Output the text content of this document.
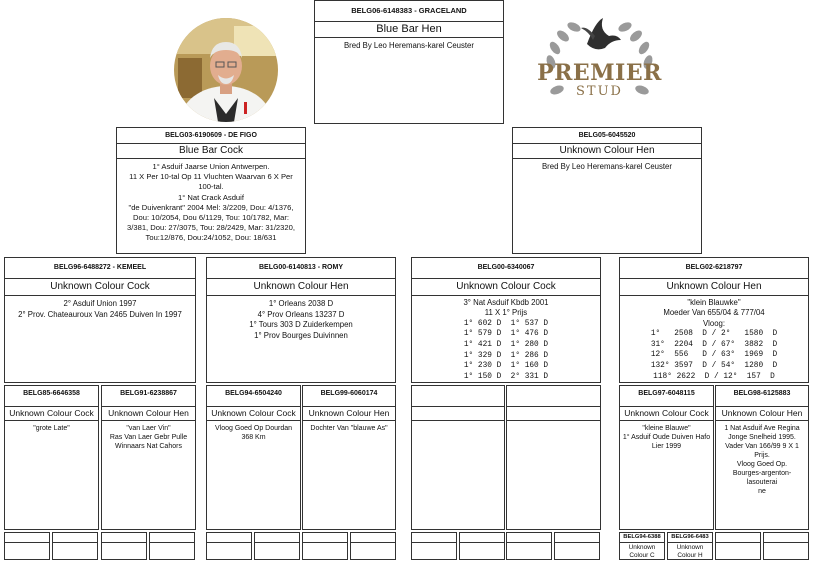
PREMIER
STUD
BELG06-6148383 - GRACELAND
Blue Bar Hen
Bred By Leo Heremans-karel Ceuster
BELG03-6190609 - DE FIGO
Blue Bar Cock
1° Asduif Jaarse Union Antwerpen.
11 X Per 10-tal Op 11 Vluchten Waarvan 6 X Per
100-tal.
1° Nat Crack Asduif
"de Duivenkrant" 2004 Mel: 3/2209, Dou: 4/1376,
Dou: 10/2054, Dou 6/1129, Tou: 10/1782, Mar:
3/381, Dou: 27/3075, Tou: 28/2429, Mar: 31/2320,
Tou:12/876, Dou:24/1052, Dou: 18/631
BELG05-6045520
Unknown Colour Hen
Bred By Leo Heremans-karel Ceuster
BELG96-6488272 - KEMEEL
Unknown Colour Cock
2° Asduif Union 1997
2° Prov. Chateauroux Van 2465 Duiven In 1997
BELG00-6140813 - ROMY
Unknown Colour Hen
1° Orleans 2038 D
4° Prov Orleans 13237 D
1° Tours 303 D Zuiderkempen
1° Prov Bourges Duivinnen
BELG00-6340067
Unknown Colour Cock
3° Nat Asduif Kbdb 2001
11 X 1° Prijs
1° 602 D  1° 537 D
1° 579 D  1° 476 D
1° 421 D  1° 280 D
1° 329 D  1° 286 D
1° 230 D  1° 160 D
1° 150 D  2° 331 D
BELG02-6218797
Unknown Colour Hen
"klein Blauwke"
Moeder Van 655/04 & 777/04
Vloog:
1°   2508  D / 2°   1580  D
31°  2204  D / 67°  3882  D
12°  556   D / 63°  1969  D
132° 3597  D / 54°  1280  D
118° 2622  D / 12°  157  D
BELG85-6646358
Unknown Colour Cock
"grote Late"
BELG91-6238867
Unknown Colour Hen
"van Laer Vin"
Ras Van Laer Gebr Pulle
Winnaars Nat Cahors
BELG94-6504240
Unknown Colour Cock
Vloog Goed Op Dourdan
368 Km
BELG99-6060174
Unknown Colour Hen
Dochter Van "blauwe As"
BELG97-6048115
Unknown Colour Cock
"kleine Blauwe"
1° Asduif Oude Duiven Hafo
Lier 1999
BELG98-6125883
Unknown Colour Hen
1 Nat Asduif Ave Regina
Jonge Snelheid 1995.
Vader Van 166/99 9 X 1
Prijs.
Vloog Goed Op.
Bourges-argenton-lasouterai
ne
BELG94-6388
Unknown Colour C
BELG96-6483
Unknown Colour H
